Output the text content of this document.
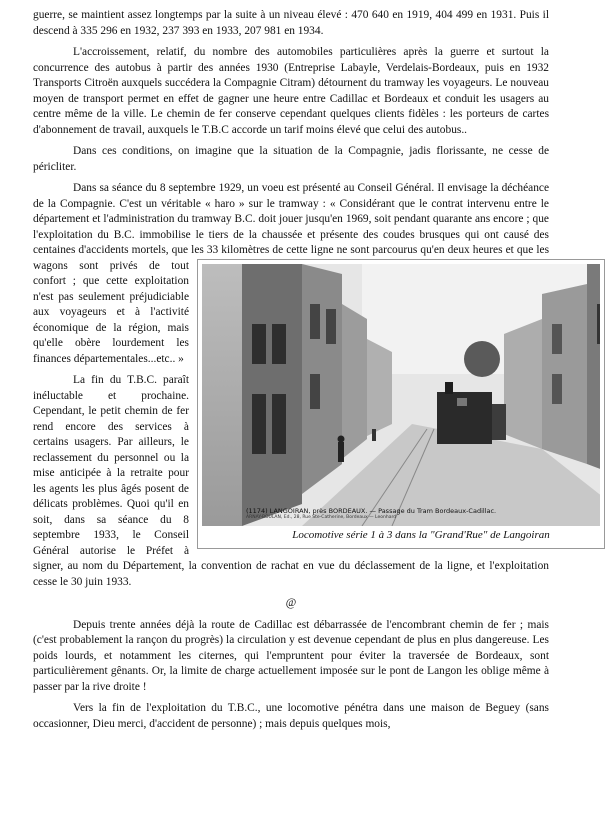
guerre, se maintient assez longtemps par la suite à un niveau élevé : 470 640 en 1919, 404 499 en 1931. Puis il descend à 335 296 en 1932, 237 393 en 1933, 207 981 en 1934.

L'accroissement, relatif, du nombre des automobiles particulières après la guerre et surtout la concurrence des autobus à partir des années 1930 (Entreprise Labayle, Verdelais-Bordeaux, puis en 1932 Transports Citroën auxquels succédera la Compagnie Citram) détournent du tramway les voyageurs. Le nouveau moyen de transport permet en effet de gagner une heure entre Cadillac et Bordeaux et conduit les usagers au centre même de la ville. Le chemin de fer conserve cependant quelques clients fidèles : les porteurs de cartes d'abonnement de travail, auxquels le T.B.C accorde un tarif moins élevé que celui des autobus..

Dans ces conditions, on imagine que la situation de la Compagnie, jadis florissante, ne cesse de péricliter.

Dans sa séance du 8 septembre 1929, un voeu est présenté au Conseil Général. Il envisage la déchéance de la Compagnie. C'est un véritable « haro » sur le tramway : « Considérant que le contrat intervenu entre le département et l'administration du tramway B.C. doit jouer jusqu'en 1969, soit pendant quarante ans encore ; que l'exploitation du B.C. immobilise le tiers de la chaussée et présente des coudes brusques qui ont causé des centaines d'accidents mortels, que les 33 kilomètres de cette ligne ne sont parcourus qu'en deux heures
(1174) LANGOIRAN, près BORDEAUX. — Passage du Tram Bordeaux-Cadillac.
ARNAY-BOULAN, Ed., 28, Rue Ste-Catherine, Bordeaux — Leonhard
Locomotive série 1 à 3 dans la "Grand'Rue" de Langoiran
et que les wagons sont privés de tout confort ; que cette exploitation n'est pas seulement préjudiciable aux voyageurs et à l'activité économique de la région, mais qu'elle obère lourdement les finances départementales...etc.. »

La fin du T.B.C. paraît inéluctable et prochaine. Cependant, le petit chemin de fer rend encore des services à certains usagers. Par ailleurs, le reclassement du personnel ou la mise anticipée à la retraite pour les agents les plus âgés posent de délicats problèmes. Quoi qu'il en soit, dans sa séance du 8 septembre 1933, le Conseil Général autorise le Préfet à signer, au nom du Département, la convention de rachat en vue du déclassement de la ligne, et l'exploitation cesse le 30 juin 1933.

@

Depuis trente années déjà la route de Cadillac est débarrassée de l'encombrant chemin de fer ; mais (c'est probablement la rançon du progrès) la circulation y est devenue cependant de plus en plus dangereuse. Les poids lourds, et notamment les citernes, qui l'empruntent pour éviter la traversée de Bordeaux, sont particulièrement gênants. Or, la limite de charge actuellement imposée sur le pont de Langon les oblige même à passer par la rive droite !

Vers la fin de l'exploitation du T.B.C., une locomotive pénétra dans une maison de Beguey (sans occasionner, Dieu merci, d'accident de personne) ; mais depuis quelques mois,
